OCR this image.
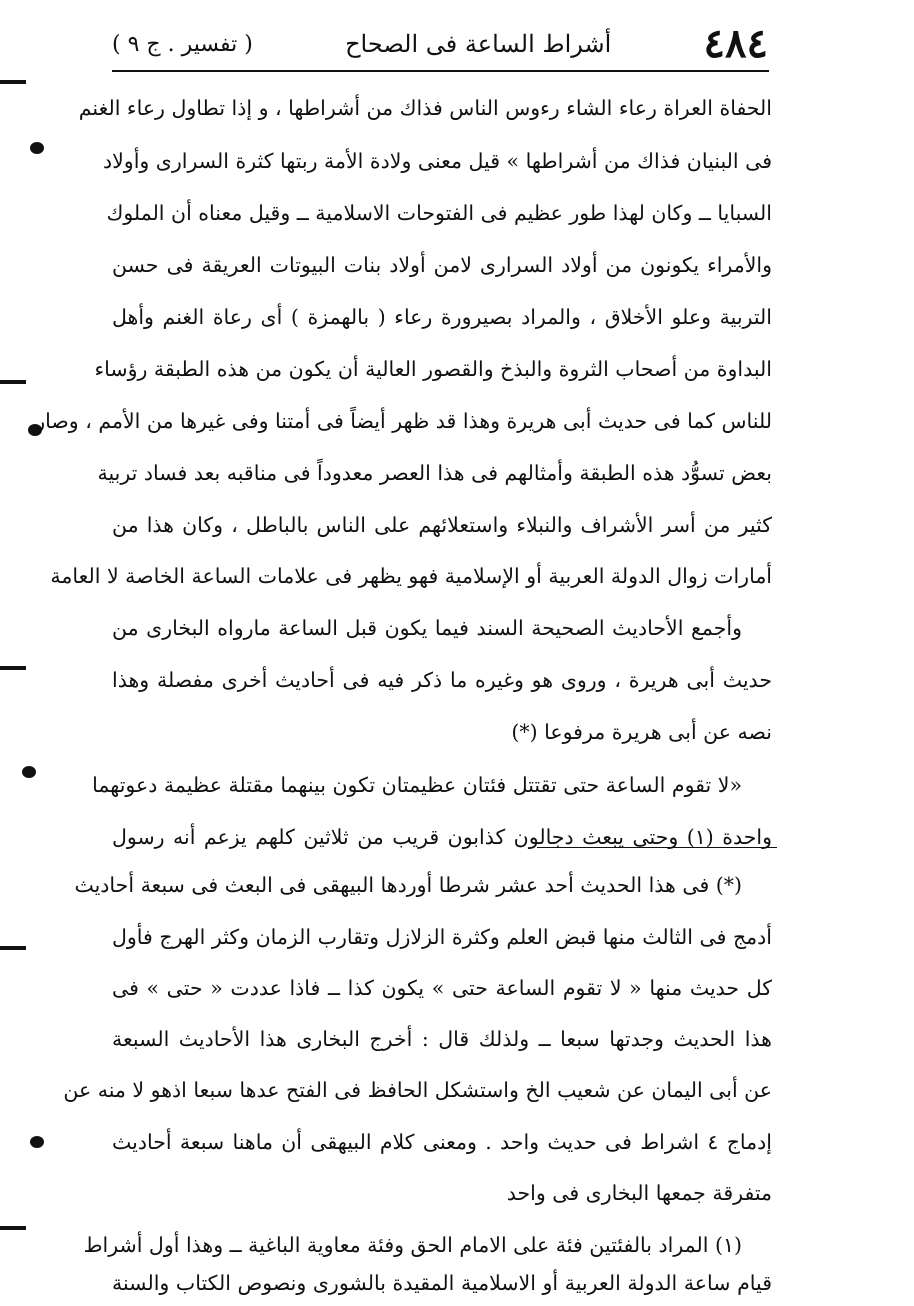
٤٨٤
أشراط الساعة فى الصحاح
( تفسير . ج ٩ )
الحفاة العراة رعاء الشاء رءوس الناس فذاك من أشراطها ، و إذا تطاول رعاء الغنم
فى البنيان فذاك من أشراطها » قيل معنى ولادة الأمة ربتها كثرة السرارى وأولاد
السبايا ــ وكان لهذا طور عظيم فى الفتوحات الاسلامية ــ وقيل معناه أن الملوك
والأمراء يكونون من أولاد السرارى لامن أولاد بنات البيوتات العريقة فى حسن
التربية وعلو الأخلاق ، والمراد بصيرورة رعاء ( بالهمزة ) أى رعاة الغنم وأهل
البداوة من أصحاب الثروة والبذخ والقصور العالية أن يكون من هذه الطبقة رؤساء
للناس كما فى حديث أبى هريرة وهذا قد ظهر أيضاً فى أمتنا وفى غيرها من الأمم ، وصار
بعض تسوُّد هذه الطبقة وأمثالهم فى هذا العصر معدوداً فى مناقبه بعد فساد تربية
كثير من أسر الأشراف والنبلاء واستعلائهم على الناس بالباطل ، وكان هذا من
أمارات زوال الدولة العربية أو الإسلامية فهو يظهر فى علامات الساعة الخاصة لا العامة
وأجمع الأحاديث الصحيحة السند فيما يكون قبل الساعة مارواه البخارى من
حديث أبى هريرة ، وروى هو وغيره ما ذكر فيه فى أحاديث أخرى مفصلة وهذا
نصه عن أبى هريرة مرفوعا (*)
«لا تقوم الساعة حتى تقتتل فئتان عظيمتان تكون بينهما مقتلة عظيمة دعوتهما
واحدة (١) وحتى يبعث دجالون كذابون قريب من ثلاثين كلهم يزعم أنه رسول
(*) فى هذا الحديث أحد عشر شرطا أوردها البيهقى فى البعث فى سبعة أحاديث
أدمج فى الثالث منها قبض العلم وكثرة الزلازل وتقارب الزمان وكثر الهرج فأول
كل حديث منها « لا تقوم الساعة حتى » يكون كذا ــ فاذا عددت « حتى » فى
هذا الحديث وجدتها سبعا ــ ولذلك قال : أخرج البخارى هذا الأحاديث السبعة
عن أبى اليمان عن شعيب الخ واستشكل الحافظ فى الفتح عدها سبعا اذهو لا منه عن
إدماج ٤ اشراط فى حديث واحد . ومعنى كلام البيهقى أن ماهنا سبعة أحاديث
متفرقة جمعها البخارى فى واحد
(١) المراد بالفئتين فئة على الامام الحق وفئة معاوية الباغية ــ وهذا أول أشراط
قيام ساعة الدولة العربية أو الاسلامية المقيدة بالشورى ونصوص الكتاب والسنة
